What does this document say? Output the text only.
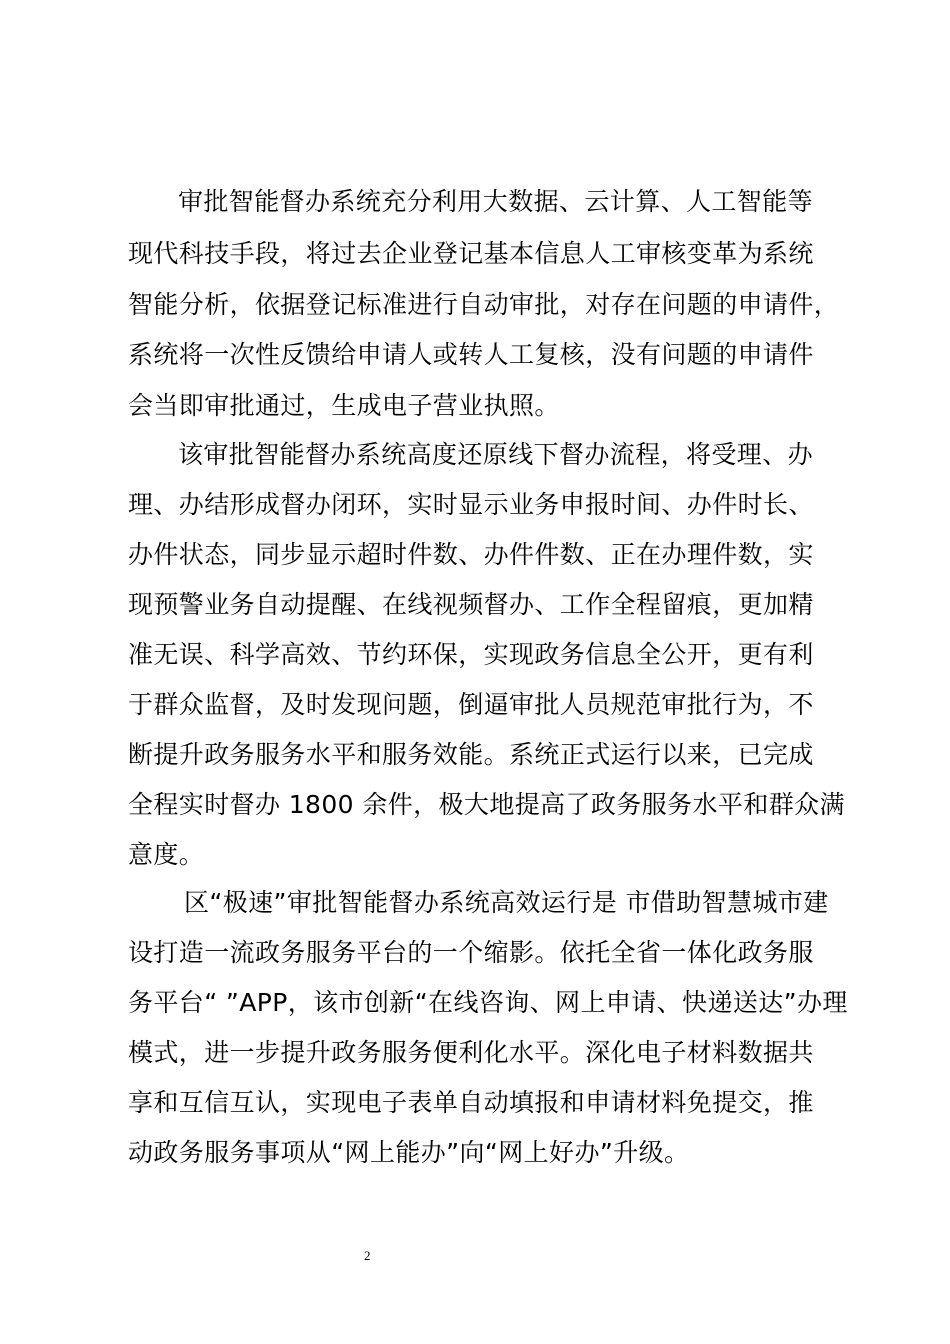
审批智能督办系统充分利用大数据、云计算、人工智能等
现代科技手段，将过去企业登记基本信息人工审核变革为系统
智能分析，依据登记标准进行自动审批，对存在问题的申请件，
系统将一次性反馈给申请人或转人工复核，没有问题的申请件
会当即审批通过，生成电子营业执照。
该审批智能督办系统高度还原线下督办流程，将受理、办
理、办结形成督办闭环，实时显示业务申报时间、办件时长、
办件状态，同步显示超时件数、办件件数、正在办理件数，实
现预警业务自动提醒、在线视频督办、工作全程留痕，更加精
准无误、科学高效、节约环保，实现政务信息全公开，更有利
于群众监督，及时发现问题，倒逼审批人员规范审批行为，不
断提升政务服务水平和服务效能。系统正式运行以来，已完成
全程实时督办 1800 余件，极大地提高了政务服务水平和群众满
意度。
区“极速”审批智能督办系统高效运行是 市借助智慧城市建
设打造一流政务服务平台的一个缩影。依托全省一体化政务服
务平台“ ”APP，该市创新“在线咨询、网上申请、快递送达”办理
模式，进一步提升政务服务便利化水平。深化电子材料数据共
享和互信互认，实现电子表单自动填报和申请材料免提交，推
动政务服务事项从“网上能办”向“网上好办”升级。
2
